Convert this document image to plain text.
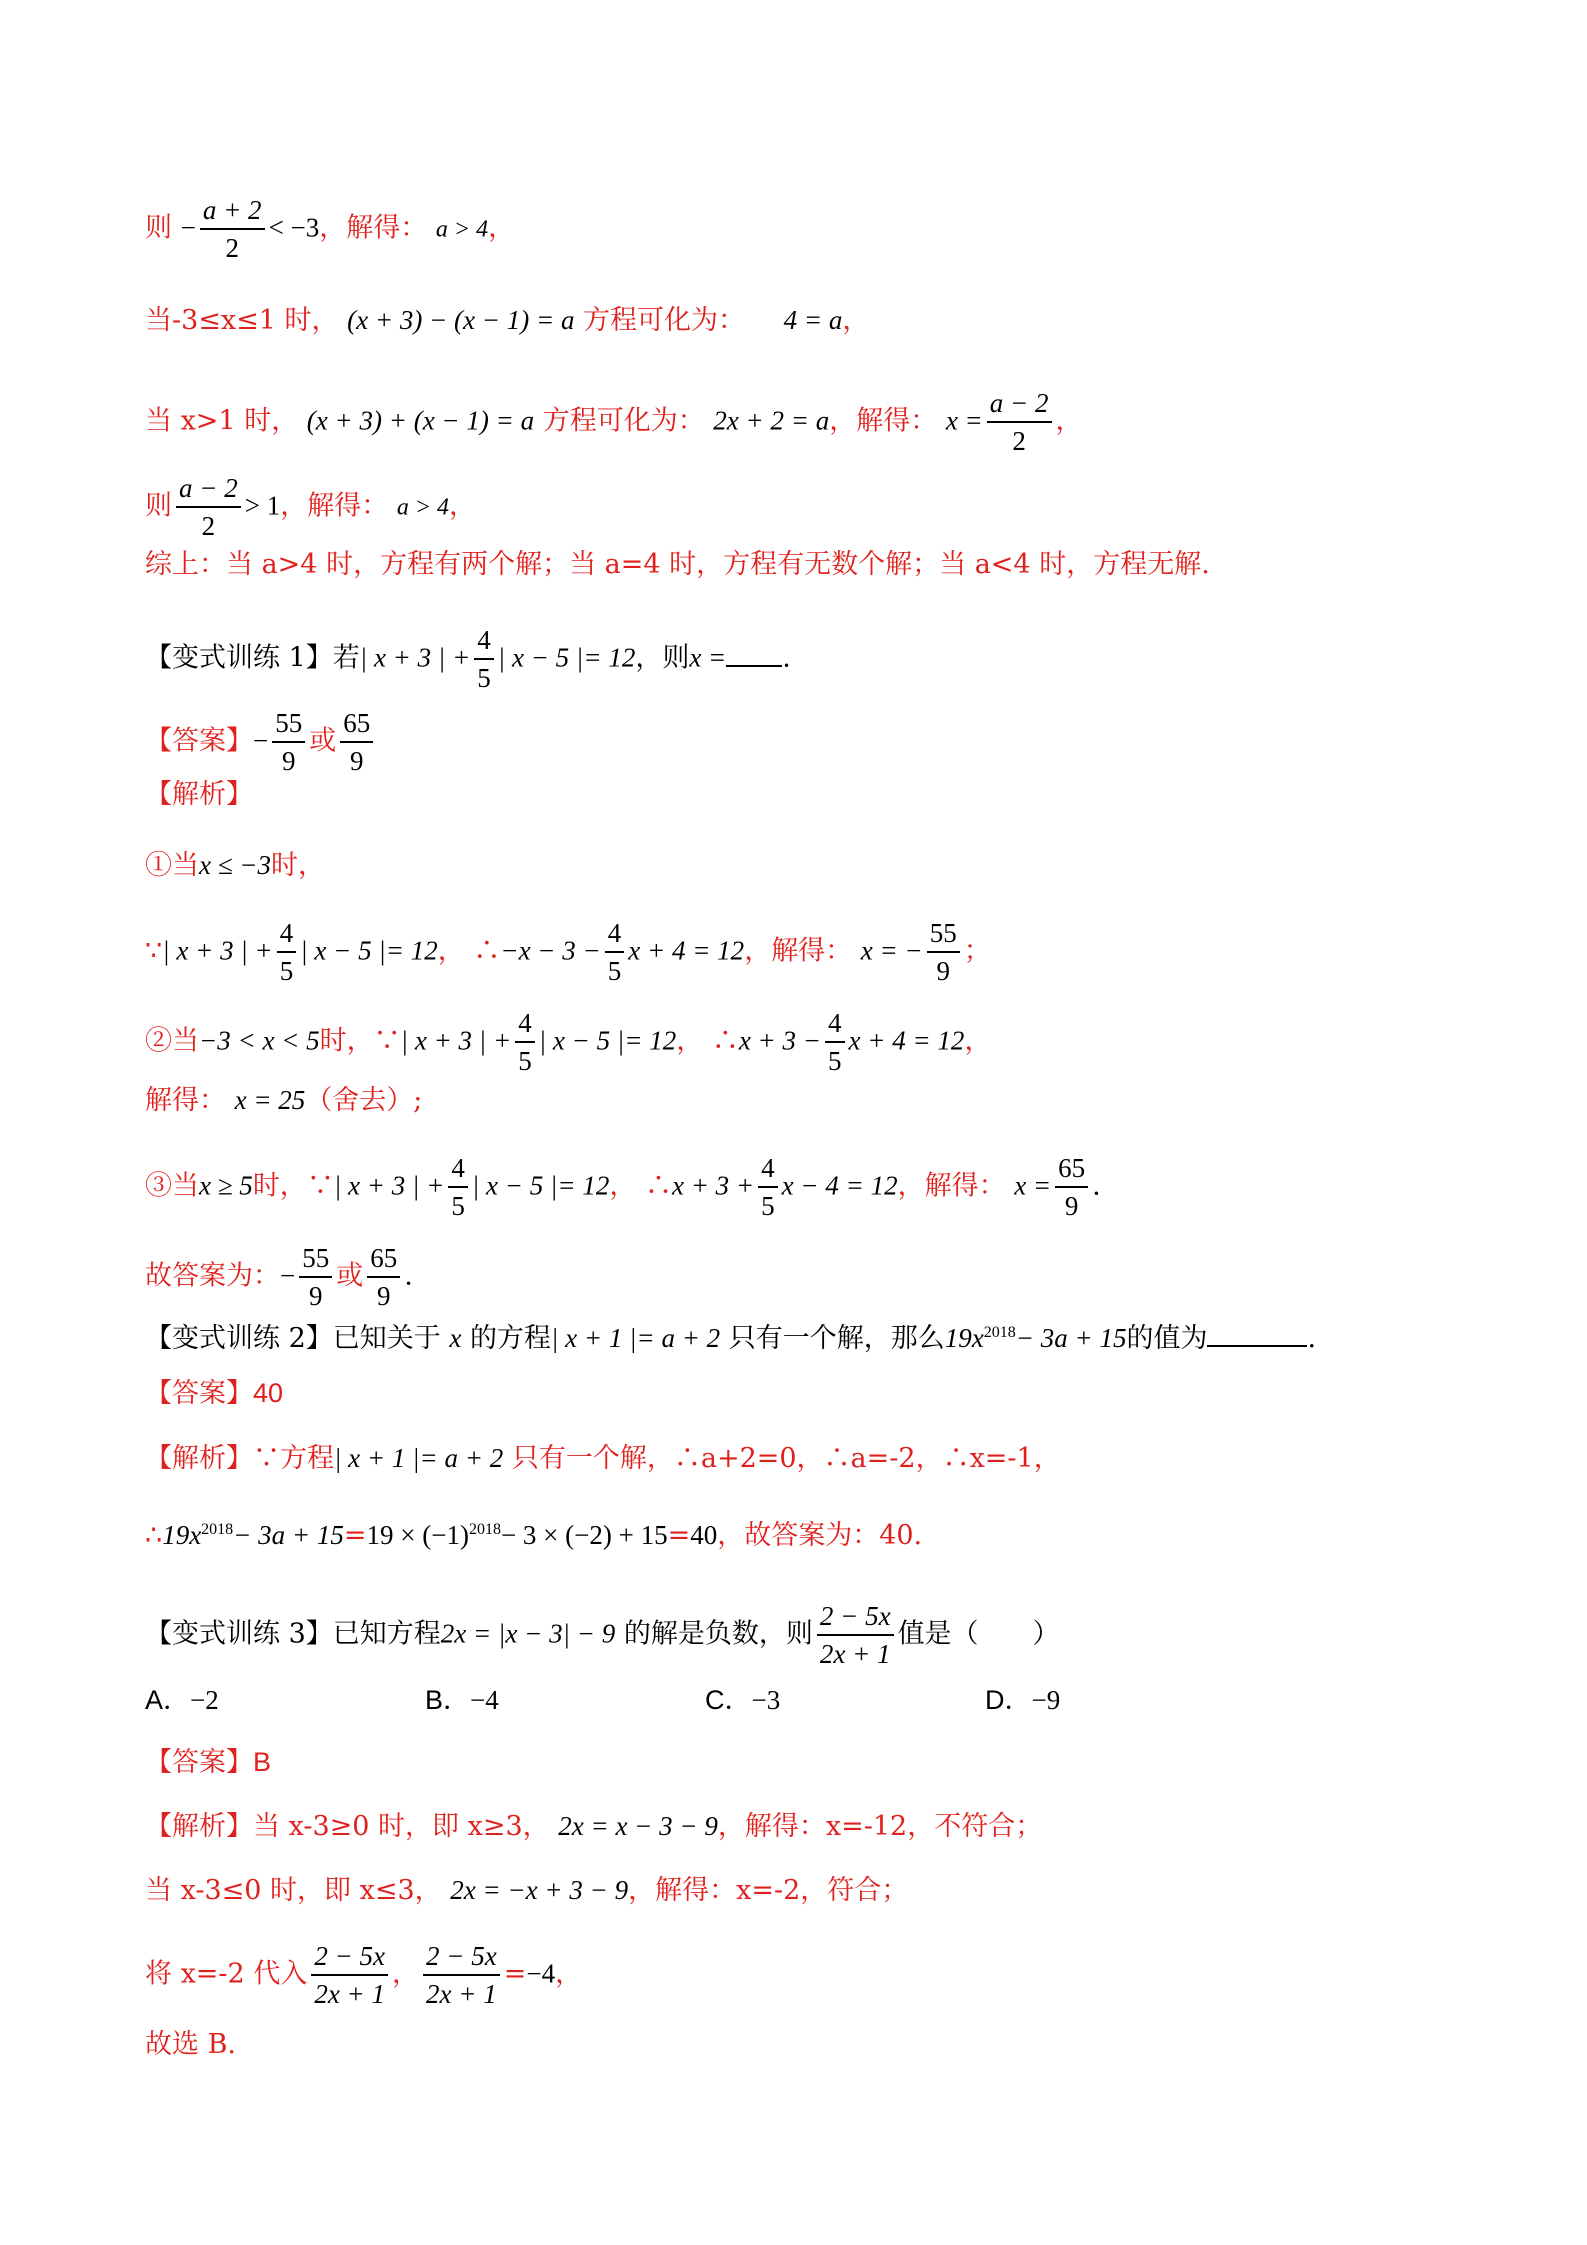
则 − $\frac{a + 2}{2} < -3$，解得： a > 4，
当-3≤x≤1 时， (x + 3) − (x − 1) = a 方程可化为： 4 = a，
当 x>1 时， (x + 3) + (x − 1) = a 方程可化为： 2x + 2 = a，解得： $x = \frac{a - 2}{2}$ ，
则 $\frac{a - 2}{2} > 1$，解得： a > 4，
综上：当 a>4 时，方程有两个解；当 a=4 时，方程有无数个解；当 a<4 时，方程无解.
【变式训练 1】若| x + 3 | + $\frac{4}{5}$ | x − 5 |= 12，则x = .
【答案】− $\frac{55}{9}$ 或 $\frac{65}{9}$
【解析】
①当x ≤ −3时，
∵| x + 3 | + $\frac{4}{5}$ | x − 5 |= 12， ∴−x − $3 - \frac{4}{5}$ x + 4 = 12，解得： x = − $\frac{55}{9}$ ；
②当−3 < x < 5时，∵| x + 3 | + $\frac{4}{5}$ | x − 5 |= 12， ∴x + $3 - \frac{4}{5}$ x + 4 = 12，
解得： x = 25（舍去）;
③当x ≥ 5时，∵| x + 3 | + $\frac{4}{5}$ | x − 5 |= 12， ∴x + $3 + \frac{4}{5}$ x − 4 = 12，解得： $x = \frac{65}{9}$ .
故答案为：− $\frac{55}{9}$ 或 $\frac{65}{9}$ .
【变式训练 2】已知关于 x 的方程| x + 1 |= a + 2 只有一个解，那么$19x^{2018}- 3a + 15$的值为	.
【答案】40
【解析】∵方程| x + 1 |= a + 2 只有一个解，∴a+2=0，∴a=-2，∴x=-1，
$\therefore 19x^{2018}- 3a + 15=19 \times (-1)^{2018}- 3 \times (-2) + 15=40$，故答案为：40.
【变式训练 3】已知方程2x = |x − 3| − 9 的解是负数，则 $\frac{2 - 5x}{2x + 1}$ 值是（　　）
A．−2	B．−4	C．−3	D．−9
【答案】B
【解析】当 x-3≥0 时，即 x≥3， 2x = x − 3 − 9，解得：x=-12，不符合；
当 x-3≤0 时，即 x≤3， 2x = −x + 3 − 9，解得：x=-2，符合；
将 x=-2 代入 $\frac{2 - 5x}{2x + 1}$ ， $\frac{2 - 5x}{2x + 1} =-4$，
故选 B.
